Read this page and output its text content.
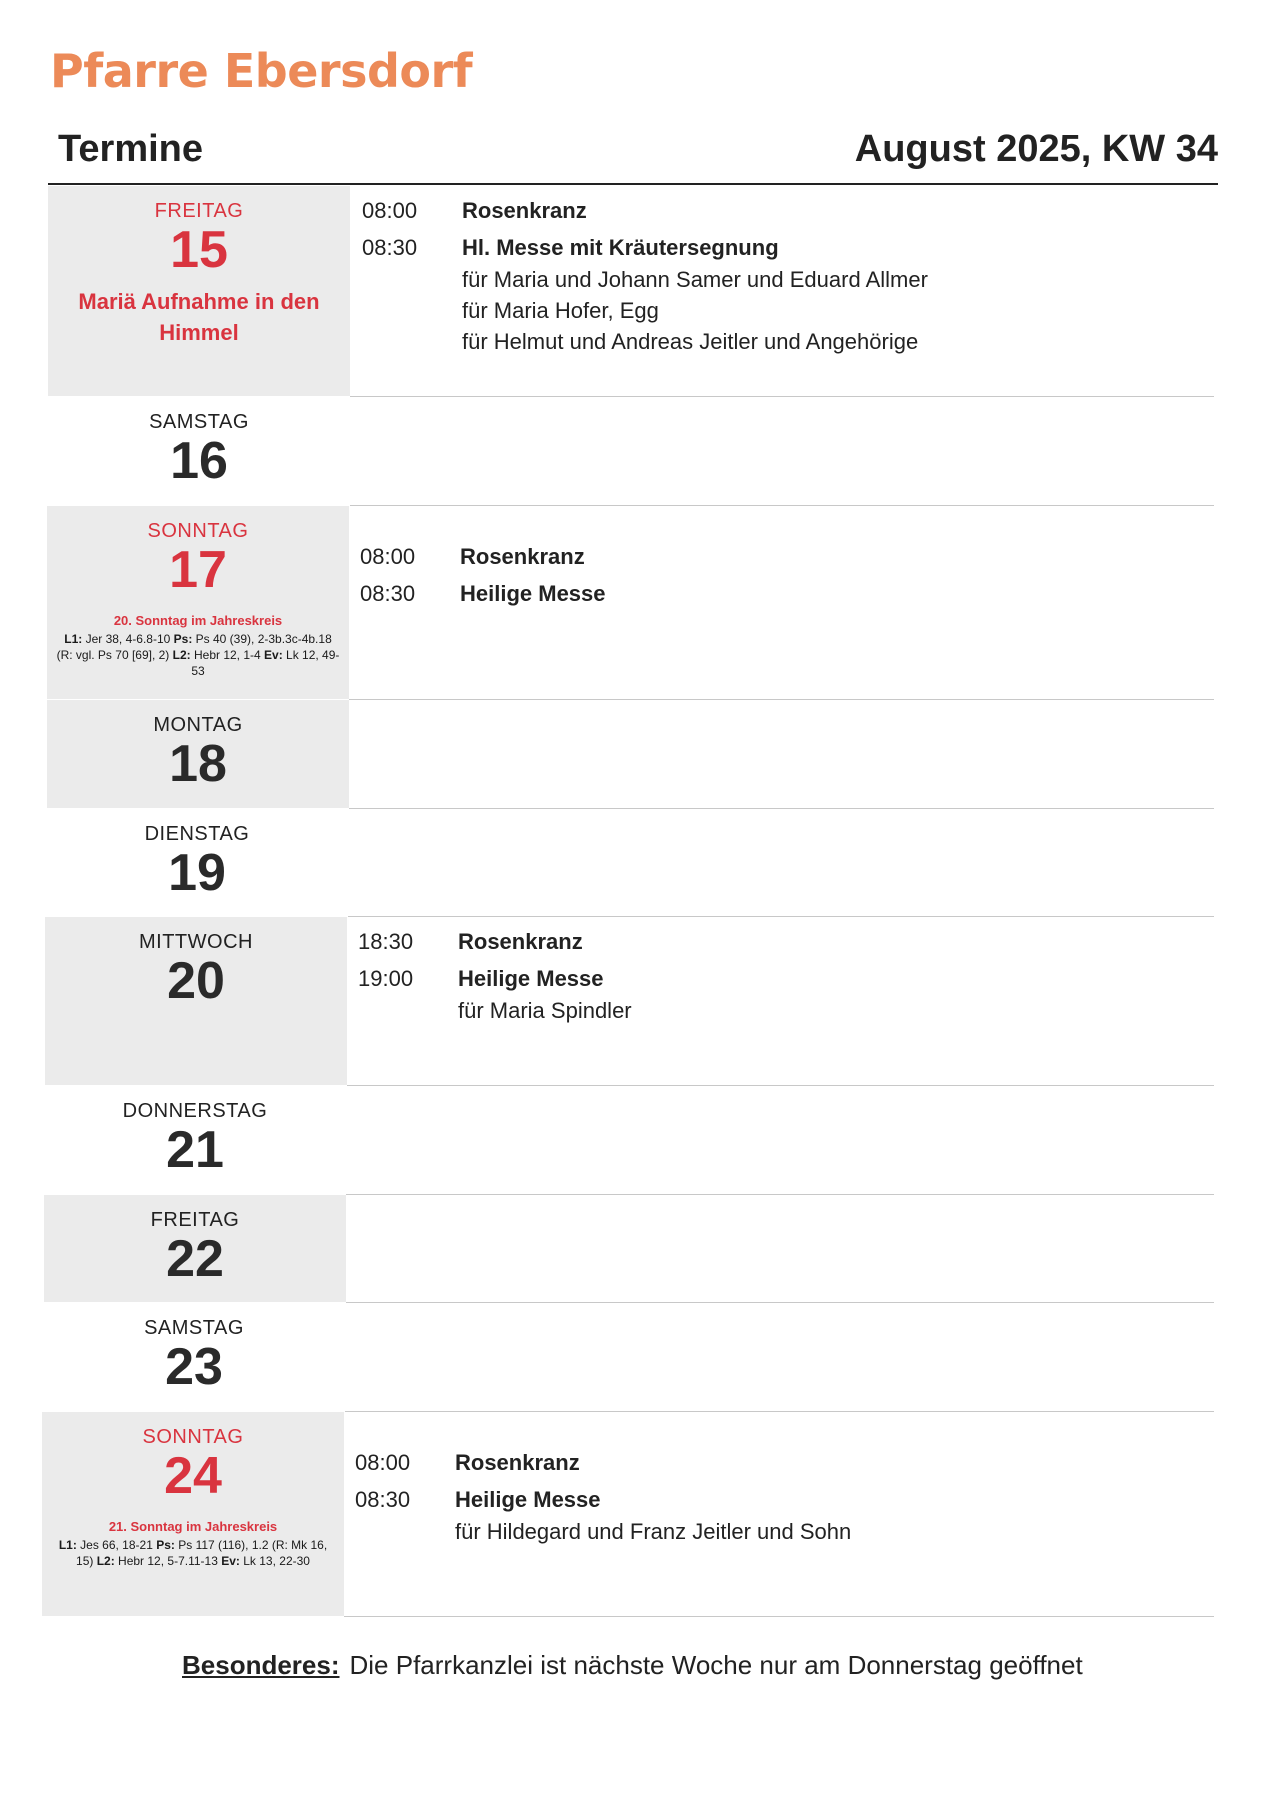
Pfarre Ebersdorf
Termine	August 2025, KW 34
FREITAG
15
Mariä Aufnahme in den Himmel
08:00 Rosenkranz
08:30 Hl. Messe mit Kräutersegnung
für Maria und Johann Samer und Eduard Allmer
für Maria Hofer, Egg
für Helmut und Andreas Jeitler und Angehörige
SAMSTAG
16
SONNTAG
17
20. Sonntag im Jahreskreis
L1: Jer 38, 4-6.8-10 Ps: Ps 40 (39), 2-3b.3c-4b.18 (R: vgl. Ps 70 [69], 2) L2: Hebr 12, 1-4 Ev: Lk 12, 49-53
08:00 Rosenkranz
08:30 Heilige Messe
MONTAG
18
DIENSTAG
19
MITTWOCH
20
18:30 Rosenkranz
19:00 Heilige Messe
für Maria Spindler
DONNERSTAG
21
FREITAG
22
SAMSTAG
23
SONNTAG
24
21. Sonntag im Jahreskreis
L1: Jes 66, 18-21 Ps: Ps 117 (116), 1.2 (R: Mk 16, 15) L2: Hebr 12, 5-7.11-13 Ev: Lk 13, 22-30
08:00 Rosenkranz
08:30 Heilige Messe
für Hildegard und Franz Jeitler und Sohn
Besonderes: Die Pfarrkanzlei ist nächste Woche nur am Donnerstag geöffnet
